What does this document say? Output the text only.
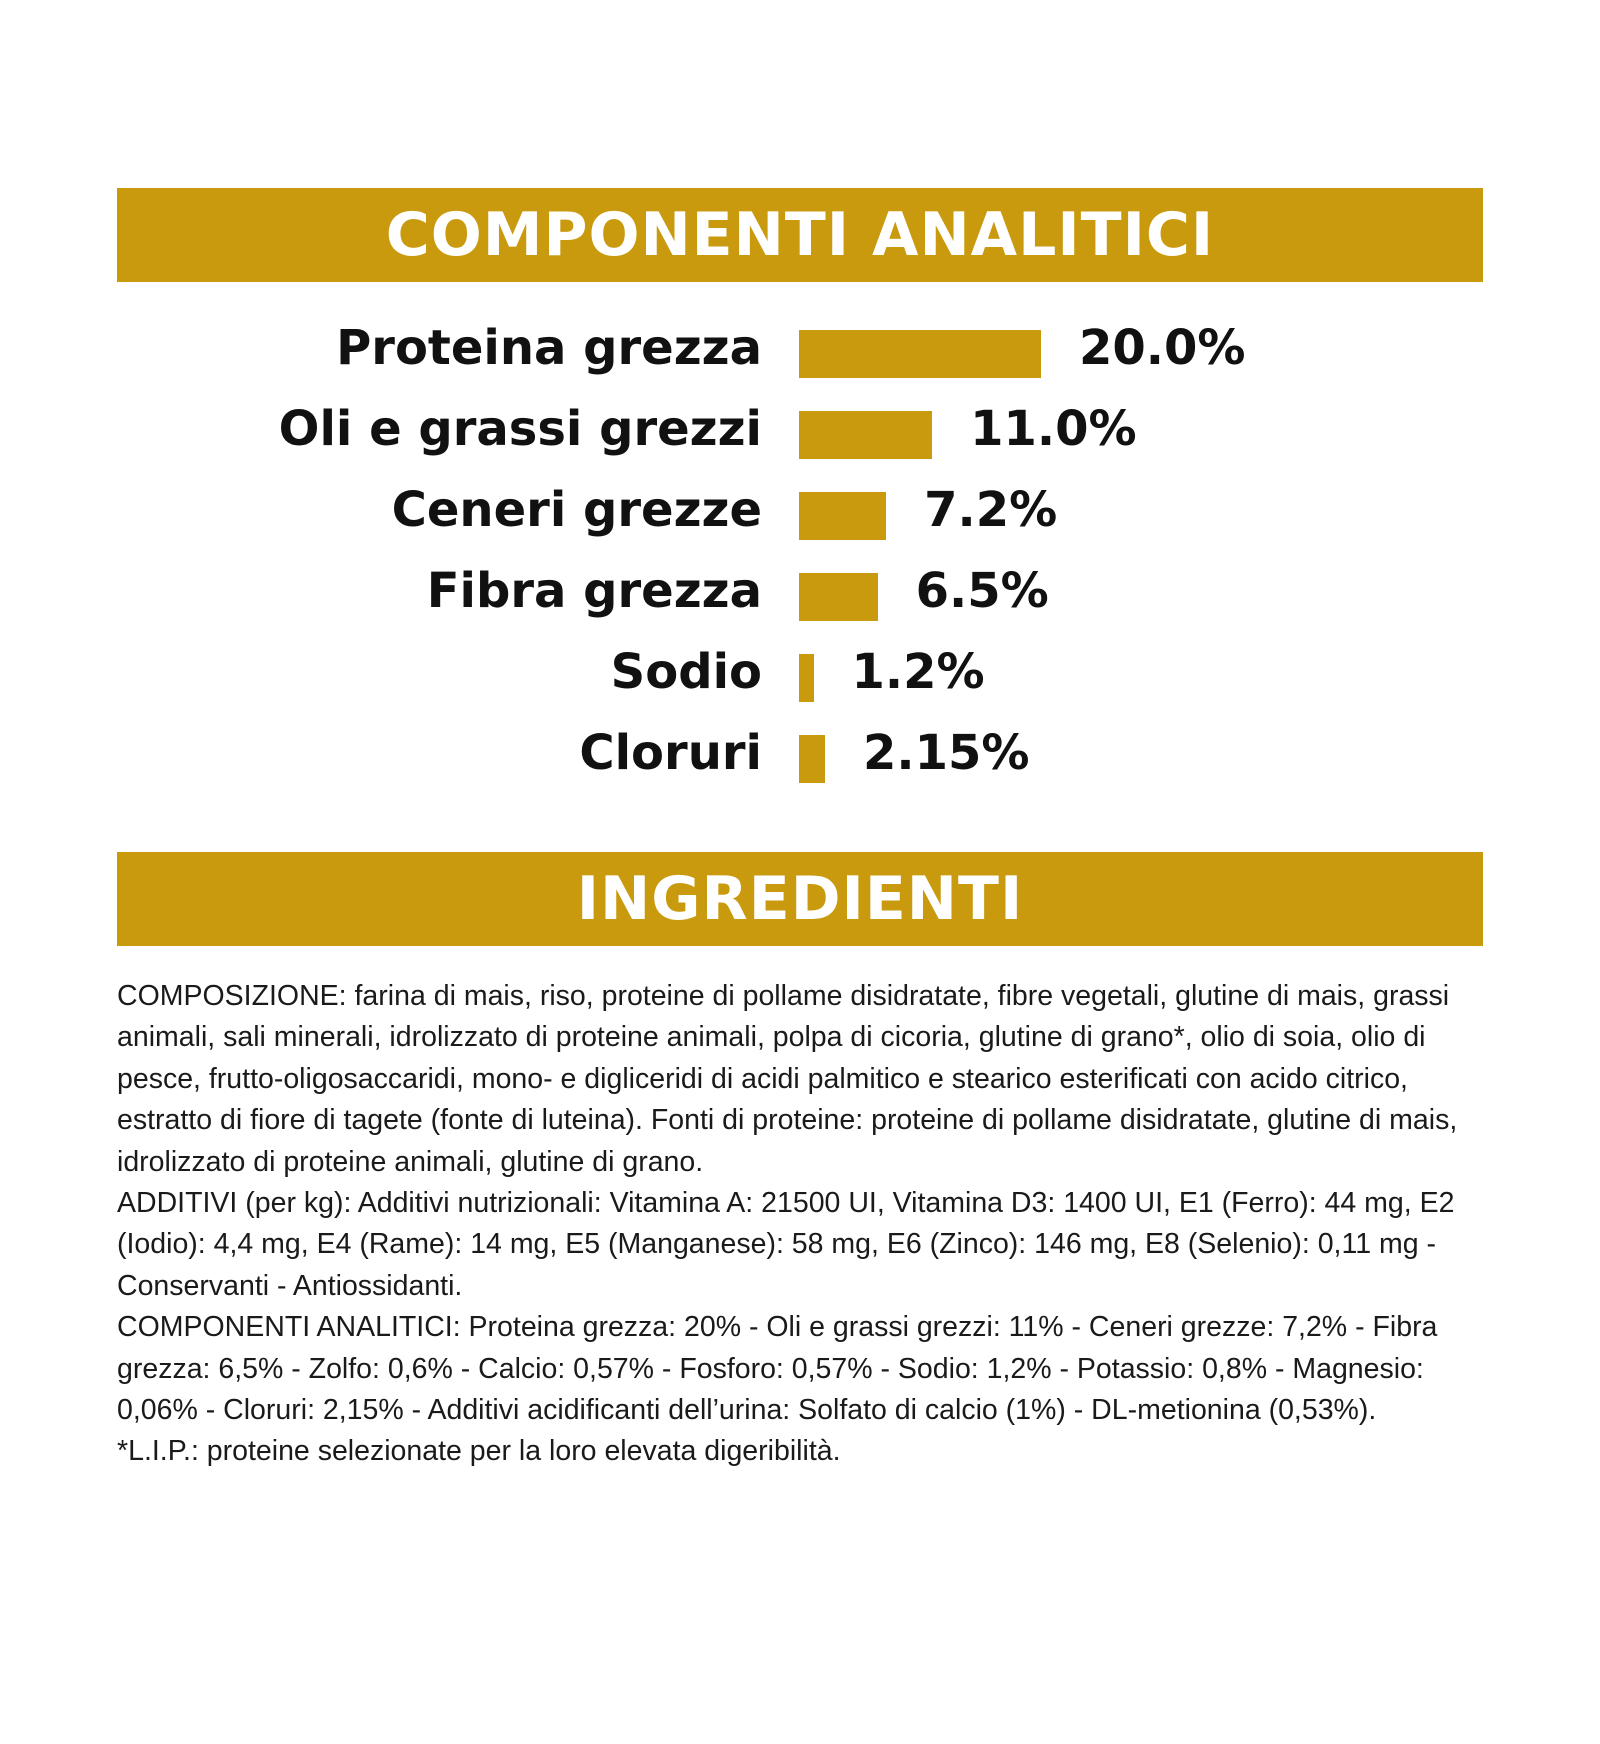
COMPONENTI ANALITICI
Proteina grezza	20.0%
Oli e grassi grezzi	11.0%
Ceneri grezze	7.2%
Fibra grezza	6.5%
Sodio 1.2%
Cloruri 2.15%
INGREDIENTI

COMPOSIZIONE: farina di mais, riso, proteine di pollame disidratate, fibre vegetali, glutine di mais, grassi animali, sali minerali, idrolizzato di proteine animali, polpa di cicoria, glutine di grano*, olio di soia, olio di pesce, frutto-oligosaccaridi, mono- e digliceridi di acidi palmitico e stearico esterificati con acido citrico, estratto di fiore di tagete (fonte di luteina). Fonti di proteine: proteine di pollame disidratate, glutine di mais, idrolizzato di proteine animali, glutine di grano.

ADDITIVI (per kg): Additivi nutrizionali: Vitamina A: 21500 UI, Vitamina D3: 1400 UI, E1 (Ferro): 44 mg, E2 (Iodio): 4,4 mg, E4 (Rame): 14 mg, E5 (Manganese): 58 mg, E6 (Zinco): 146 mg, E8 (Selenio): 0,11 mg - Conservanti - Antiossidanti.

COMPONENTI ANALITICI: Proteina grezza: 20% - Oli e grassi grezzi: 11% - Ceneri grezze: 7,2% - Fibra grezza: 6,5% - Zolfo: 0,6% - Calcio: 0,57% - Fosforo: 0,57% - Sodio: 1,2% - Potassio: 0,8% - Magnesio: 0,06% - Cloruri: 2,15% - Additivi acidificanti dell’urina: Solfato di calcio (1%) - DL-metionina (0,53%).

*L.I.P.: proteine selezionate per la loro elevata digeribilità.
